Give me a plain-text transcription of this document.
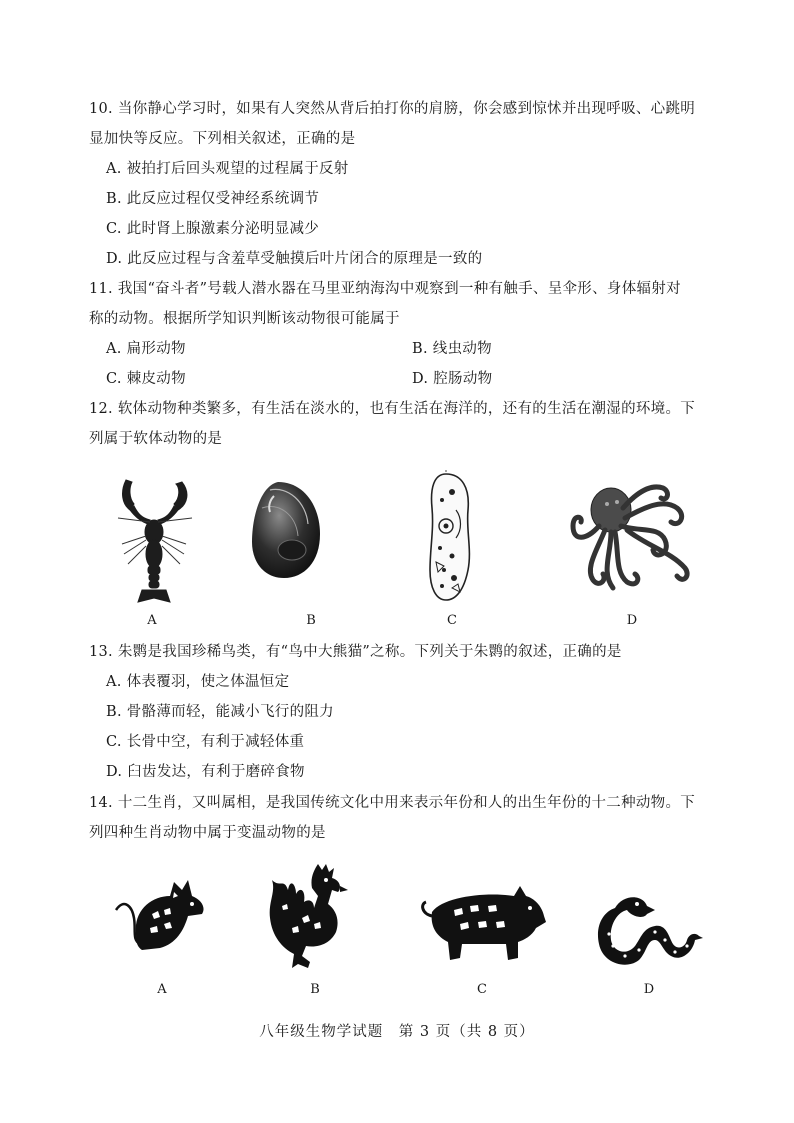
10. 当你静心学习时，如果有人突然从背后拍打你的肩膀，你会感到惊怵并出现呼吸、心跳明
显加快等反应。下列相关叙述，正确的是
A. 被拍打后回头观望的过程属于反射
B. 此反应过程仅受神经系统调节
C. 此时肾上腺激素分泌明显减少
D. 此反应过程与含羞草受触摸后叶片闭合的原理是一致的
11. 我国“奋斗者”号载人潜水器在马里亚纳海沟中观察到一种有触手、呈伞形、身体辐射对
称的动物。根据所学知识判断该动物很可能属于
A. 扁形动物	B. 线虫动物
C. 棘皮动物	D. 腔肠动物
12. 软体动物种类繁多，有生活在淡水的，也有生活在海洋的，还有的生活在潮湿的环境。下
列属于软体动物的是
A	B	C	D
13. 朱鹮是我国珍稀鸟类，有“鸟中大熊猫”之称。下列关于朱鹮的叙述，正确的是
A. 体表覆羽，使之体温恒定
B. 骨骼薄而轻，能减小飞行的阻力
C. 长骨中空，有利于减轻体重
D. 臼齿发达，有利于磨碎食物
14. 十二生肖，又叫属相，是我国传统文化中用来表示年份和人的出生年份的十二种动物。下
列四种生肖动物中属于变温动物的是
A	B	C	D
八年级生物学试题　第 3 页（共 8 页）
